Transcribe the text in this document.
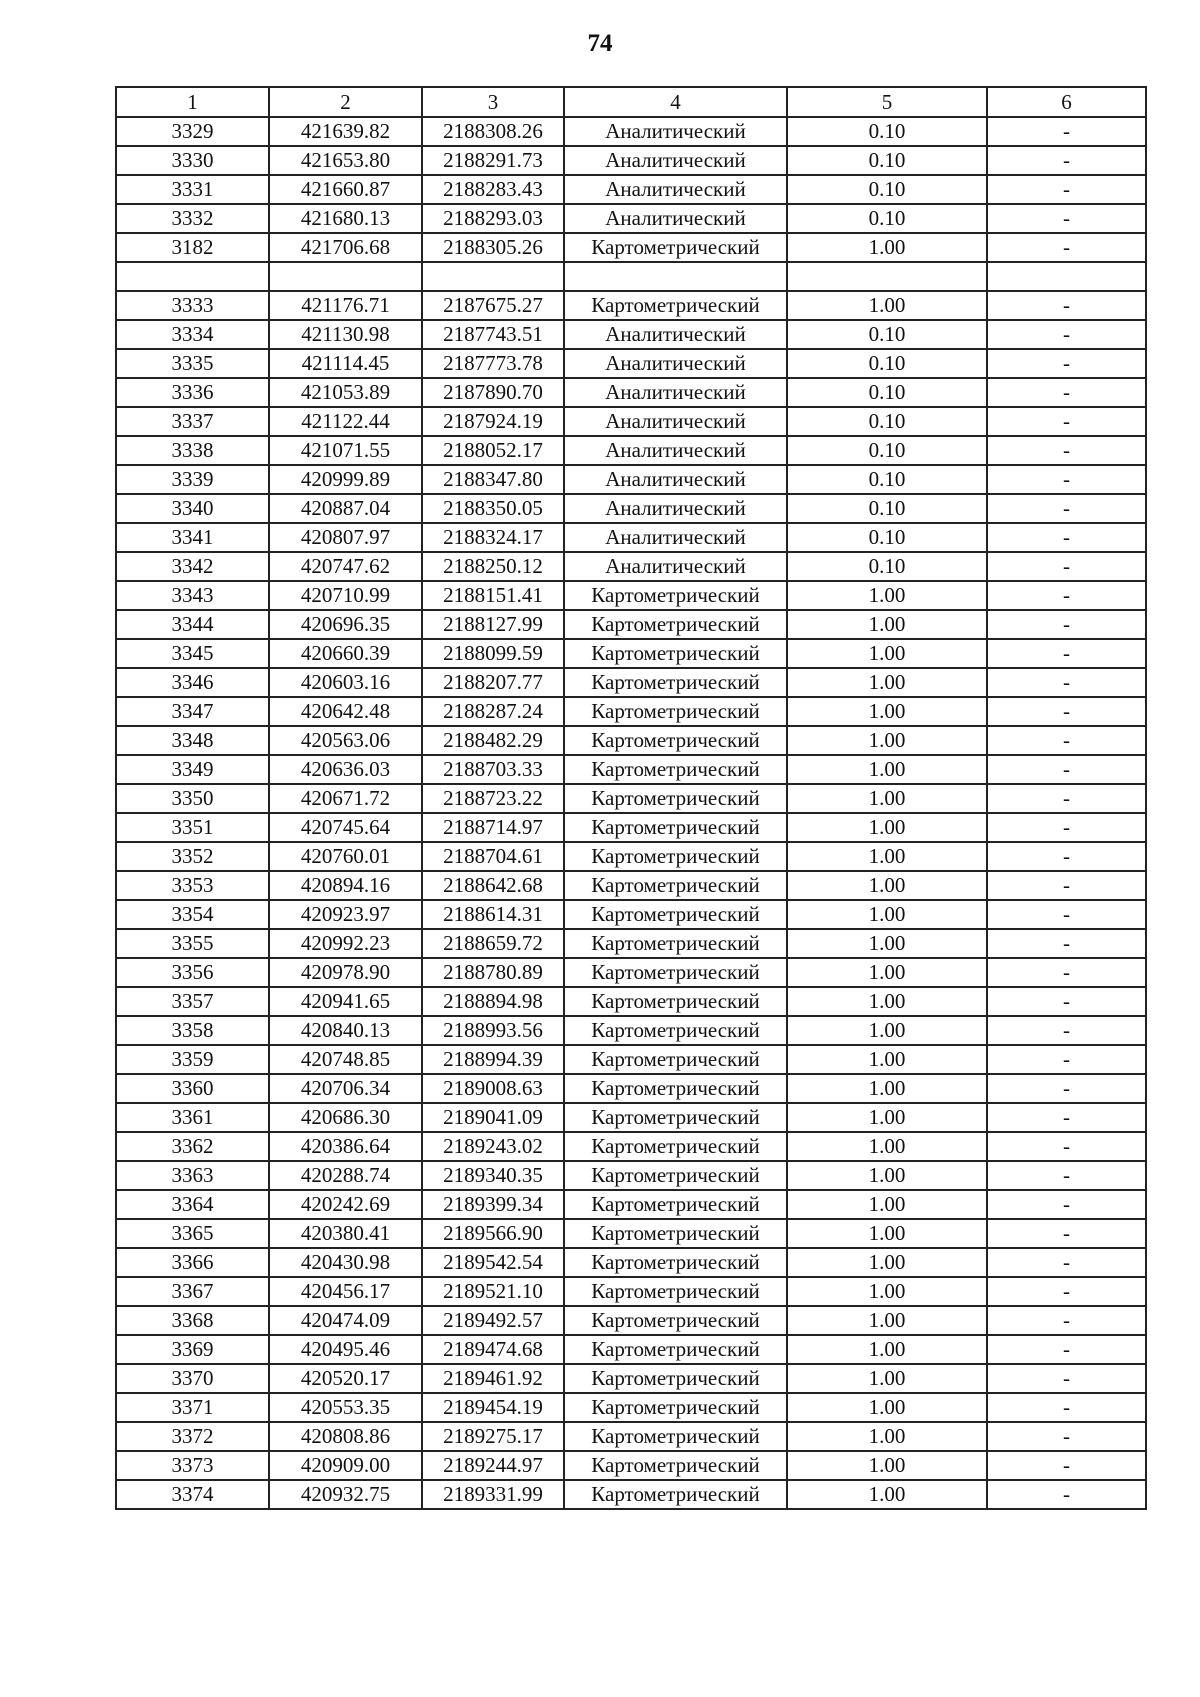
74
1	2	3	4	5	6
3329	421639.82	2188308.26	Аналитический	0.10	-
3330	421653.80	2188291.73	Аналитический	0.10	-
3331	421660.87	2188283.43	Аналитический	0.10	-
3332	421680.13	2188293.03	Аналитический	0.10	-
3182	421706.68	2188305.26	Картометрический	1.00	-

3333	421176.71	2187675.27	Картометрический	1.00	-
3334	421130.98	2187743.51	Аналитический	0.10	-
3335	421114.45	2187773.78	Аналитический	0.10	-
3336	421053.89	2187890.70	Аналитический	0.10	-
3337	421122.44	2187924.19	Аналитический	0.10	-
3338	421071.55	2188052.17	Аналитический	0.10	-
3339	420999.89	2188347.80	Аналитический	0.10	-
3340	420887.04	2188350.05	Аналитический	0.10	-
3341	420807.97	2188324.17	Аналитический	0.10	-
3342	420747.62	2188250.12	Аналитический	0.10	-
3343	420710.99	2188151.41	Картометрический	1.00	-
3344	420696.35	2188127.99	Картометрический	1.00	-
3345	420660.39	2188099.59	Картометрический	1.00	-
3346	420603.16	2188207.77	Картометрический	1.00	-
3347	420642.48	2188287.24	Картометрический	1.00	-
3348	420563.06	2188482.29	Картометрический	1.00	-
3349	420636.03	2188703.33	Картометрический	1.00	-
3350	420671.72	2188723.22	Картометрический	1.00	-
3351	420745.64	2188714.97	Картометрический	1.00	-
3352	420760.01	2188704.61	Картометрический	1.00	-
3353	420894.16	2188642.68	Картометрический	1.00	-
3354	420923.97	2188614.31	Картометрический	1.00	-
3355	420992.23	2188659.72	Картометрический	1.00	-
3356	420978.90	2188780.89	Картометрический	1.00	-
3357	420941.65	2188894.98	Картометрический	1.00	-
3358	420840.13	2188993.56	Картометрический	1.00	-
3359	420748.85	2188994.39	Картометрический	1.00	-
3360	420706.34	2189008.63	Картометрический	1.00	-
3361	420686.30	2189041.09	Картометрический	1.00	-
3362	420386.64	2189243.02	Картометрический	1.00	-
3363	420288.74	2189340.35	Картометрический	1.00	-
3364	420242.69	2189399.34	Картометрический	1.00	-
3365	420380.41	2189566.90	Картометрический	1.00	-
3366	420430.98	2189542.54	Картометрический	1.00	-
3367	420456.17	2189521.10	Картометрический	1.00	-
3368	420474.09	2189492.57	Картометрический	1.00	-
3369	420495.46	2189474.68	Картометрический	1.00	-
3370	420520.17	2189461.92	Картометрический	1.00	-
3371	420553.35	2189454.19	Картометрический	1.00	-
3372	420808.86	2189275.17	Картометрический	1.00	-
3373	420909.00	2189244.97	Картометрический	1.00	-
3374	420932.75	2189331.99	Картометрический	1.00	-
